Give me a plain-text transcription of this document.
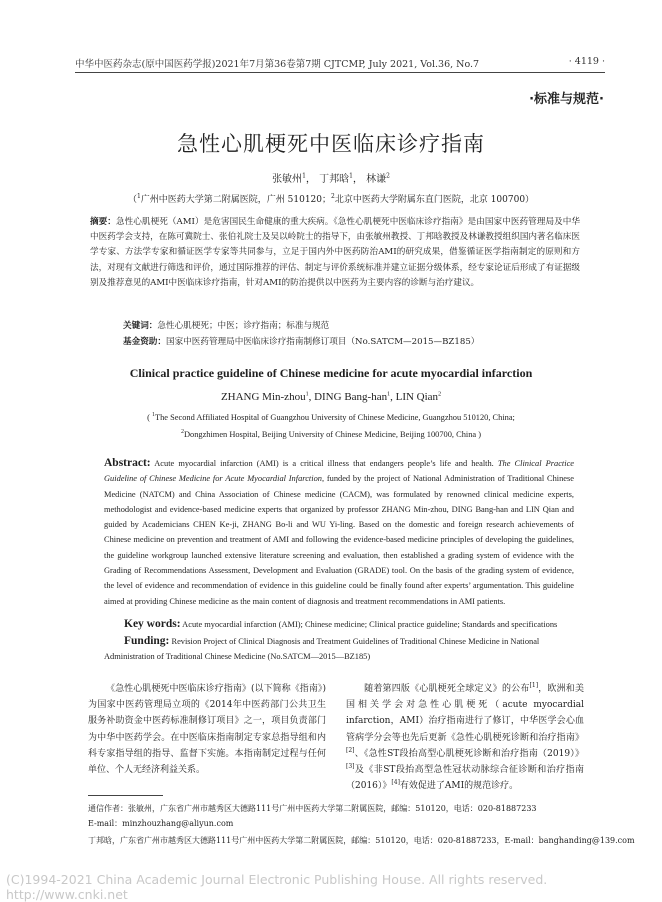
中华中医药杂志(原中国医药学报)2021年7月第36卷第7期 CJTCMP, July 2021, Vol.36, No.7	· 4119 ·
·标准与规范·
急性心肌梗死中医临床诊疗指南
张敏州$^1$， 丁邦晗$^1$， 林谦$^2$
（$^1$广州中医药大学第二附属医院，广州 510120；$^2$北京中医药大学附属东直门医院，北京 100700）
摘要：急性心肌梗死（AMI）是危害国民生命健康的重大疾病。《急性心肌梗死中医临床诊疗指南》是由国家中医药管理局及中华中医药学会支持，在陈可冀院士、张伯礼院士及吴以岭院士的指导下，由张敏州教授、丁邦晗教授及林谦教授组织国内著名临床医学专家、方法学专家和循证医学专家等共同参与，立足于国内外中医药防治AMI的研究成果，借鉴循证医学指南制定的原则和方法，对现有文献进行筛选和评价，通过国际推荐的评估、制定与评价系统标准并建立证据分级体系，经专家论证后形成了有证据级别及推荐意见的AMI中医临床诊疗指南，针对AMI的防治提供以中医药为主要内容的诊断与治疗建议。
关键词：急性心肌梗死；中医；诊疗指南；标准与规范
基金资助：国家中医药管理局中医临床诊疗指南制修订项目（No.SATCM—2015—BZ185）
Clinical practice guideline of Chinese medicine for acute myocardial infarction
ZHANG Min-zhou$^1$, DING Bang-han$^1$, LIN Qian$^2$
( $^1$The Second Affiliated Hospital of Guangzhou University of Chinese Medicine, Guangzhou 510120, China;
$^2$Dongzhimen Hospital, Beijing University of Chinese Medicine, Beijing 100700, China )
Abstract: Acute myocardial infarction (AMI) is a critical illness that endangers people’s life and health. The Clinical Practice Guideline of Chinese Medicine for Acute Myocardial Infarction, funded by the project of National Administration of Traditional Chinese Medicine (NATCM) and China Association of Chinese medicine (CACM), was formulated by renowned clinical medicine experts, methodologist and evidence-based medicine experts that organized by professor ZHANG Min-zhou, DING Bang-han and LIN Qian and guided by Academicians CHEN Ke-ji, ZHANG Bo-li and WU Yi-ling. Based on the domestic and foreign research achievements of Chinese medicine on prevention and treatment of AMI and following the evidence-based medicine principles of developing the guidelines, the guideline workgroup launched extensive literature screening and evaluation, then established a grading system of evidence with the Grading of Recommendations Assessment, Development and Evaluation (GRADE) tool. On the basis of the grading system of evidence, the level of evidence and recommendation of evidence in this guideline could be finally found after experts’ argumentation. This guideline aimed at providing Chinese medicine as the main content of diagnosis and treatment recommendations in AMI patients.
Key words: Acute myocardial infarction (AMI); Chinese medicine; Clinical practice guideline; Standards and specifications
Funding: Revision Project of Clinical Diagnosis and Treatment Guidelines of Traditional Chinese Medicine in National Administration of Traditional Chinese Medicine (No.SATCM—2015—BZ185)
《急性心肌梗死中医临床诊疗指南》(以下简称《指南》)为国家中医药管理局立项的《2014年中医药部门公共卫生服务补助资金中医药标准制修订项目》之一，项目负责部门为中华中医药学会。在中医临床指南制定专家总指导组和内科专家指导组的指导、监督下实施。本指南制定过程与任何单位、个人无经济利益关系。
随着第四版《心肌梗死全球定义》的公布[1]，欧洲和美国相关学会对急性心肌梗死（acute myocardial infarction，AMI）治疗指南进行了修订，中华医学会心血管病学分会等也先后更新《急性心肌梗死诊断和治疗指南》[2]、《急性ST段抬高型心肌梗死诊断和治疗指南（2019）》[3]及《非ST段抬高型急性冠状动脉综合征诊断和治疗指南（2016）》[4]有效促进了AMI的规范诊疗。
通信作者：张敏州，广东省广州市越秀区大德路111号广州中医药大学第二附属医院，邮编：510120，电话：020-81887233
E-mail：minzhouzhang@aliyun.com
丁邦晗，广东省广州市越秀区大德路111号广州中医药大学第二附属医院，邮编：510120，电话：020-81887233，E-mail：banghanding@139.com
(C)1994-2021 China Academic Journal Electronic Publishing House. All rights reserved. http://www.cnki.net
